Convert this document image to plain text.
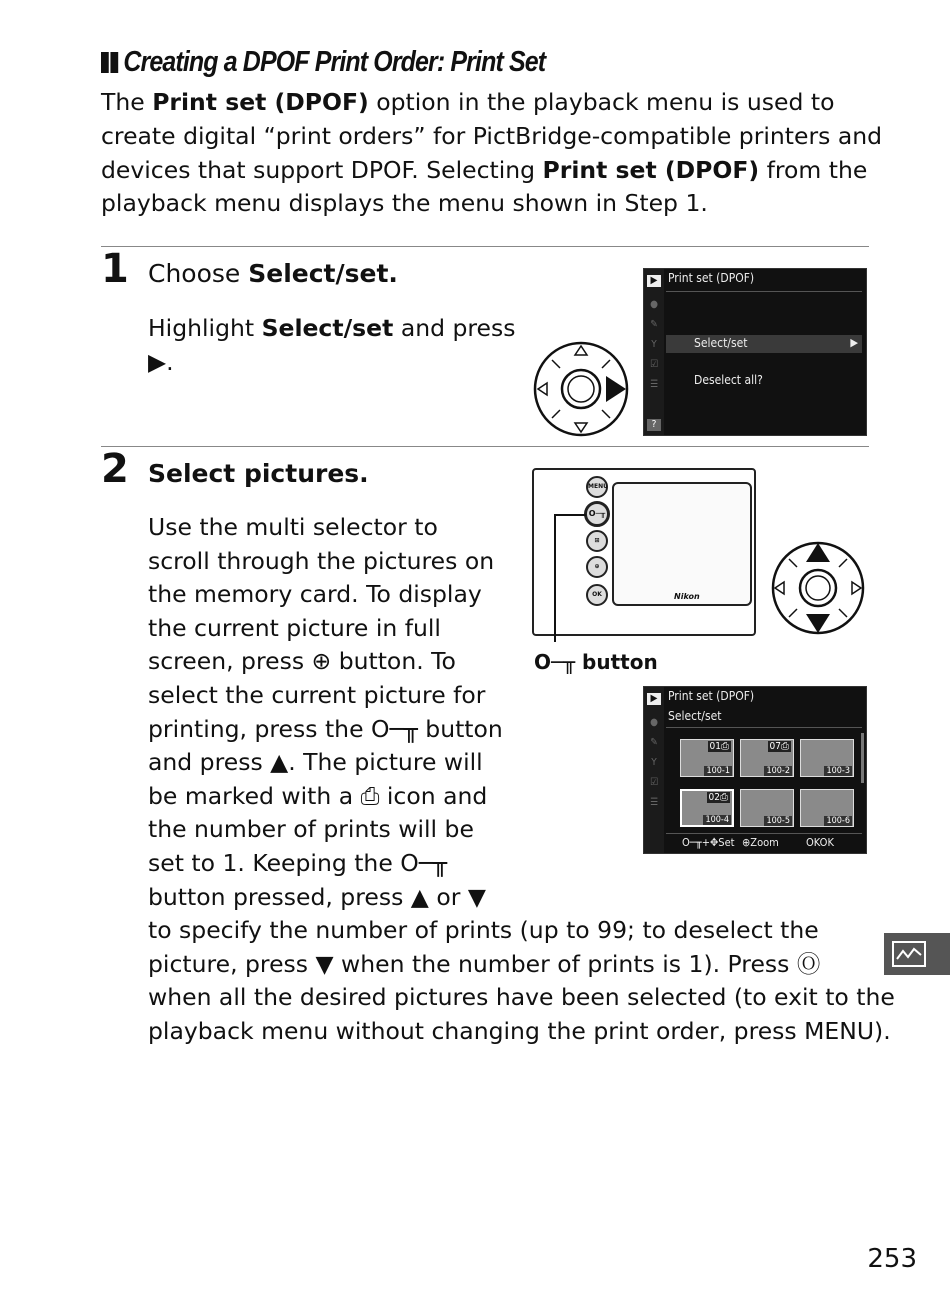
Creating a DPOF Print Order: Print Set
The Print set (DPOF) option in the playback menu is used to create digital “print orders” for PictBridge-compatible printers and devices that support DPOF. Selecting Print set (DPOF) from the playback menu displays the menu shown in Step 1.
1 Choose Select/set.
Highlight Select/set and press
▶.
▶
●
✎
Y
☑
☰
?
Print set (DPOF)
Select/set	▶
Deselect all?
2 Select pictures.
Use the multi selector to
scroll through the pictures on
the memory card. To display
the current picture in full
screen, press ⊕ button. To
select the current picture for
printing, press the O─╥ button
and press ▲. The picture will
be marked with a ⎙ icon and
the number of prints will be
set to 1. Keeping the O─╥
button pressed, press ▲ or ▼
to specify the number of prints (up to 99; to deselect the
picture, press ▼ when the number of prints is 1). Press Ⓞ
when all the desired pictures have been selected (to exit to the
playback menu without changing the print order, press MENU).
Nikon
MENU
O─╥
⊞
⊕
OK
O─╥ button
▶
●
✎
Y
☑
☰
Print set (DPOF)
Select/set
01⎙
100-1
07⎙
100-2	100-3
02⎙
100-4	100-5	100-6
O─╥+✥Set ⊕Zoom OKOK
253
